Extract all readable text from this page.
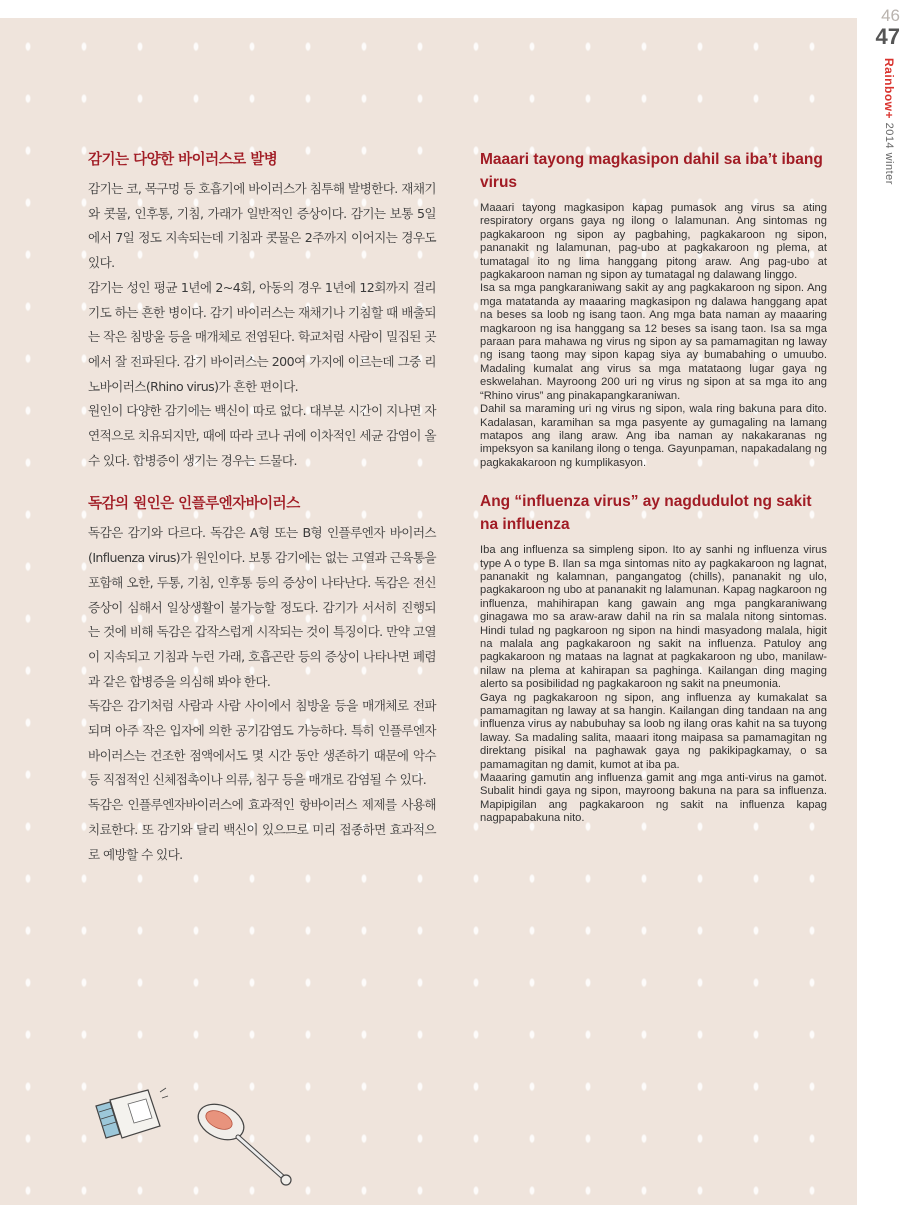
46
47
Rainbow+ 2014 winter
감기는 다양한 바이러스로 발병

감기는 코, 목구멍 등 호흡기에 바이러스가 침투해 발병한다. 재채기와 콧물, 인후통, 기침, 가래가 일반적인 증상이다. 감기는 보통 5일에서 7일 정도 지속되는데 기침과 콧물은 2주까지 이어지는 경우도 있다.

감기는 성인 평균 1년에 2~4회, 아동의 경우 1년에 12회까지 걸리기도 하는 흔한 병이다. 감기 바이러스는 재채기나 기침할 때 배출되는 작은 침방울 등을 매개체로 전염된다. 학교처럼 사람이 밀집된 곳에서 잘 전파된다. 감기 바이러스는 200여 가지에 이르는데 그중 리노바이러스(Rhino virus)가 흔한 편이다.

원인이 다양한 감기에는 백신이 따로 없다. 대부분 시간이 지나면 자연적으로 치유되지만, 때에 따라 코나 귀에 이차적인 세균 감염이 올 수 있다. 합병증이 생기는 경우는 드물다.

독감의 원인은 인플루엔자바이러스

독감은 감기와 다르다. 독감은 A형 또는 B형 인플루엔자 바이러스(Influenza virus)가 원인이다. 보통 감기에는 없는 고열과 근육통을 포함해 오한, 두통, 기침, 인후통 등의 증상이 나타난다. 독감은 전신증상이 심해서 일상생활이 불가능할 정도다. 감기가 서서히 진행되는 것에 비해 독감은 갑작스럽게 시작되는 것이 특징이다. 만약 고열이 지속되고 기침과 누런 가래, 호흡곤란 등의 증상이 나타나면 폐렴과 같은 합병증을 의심해 봐야 한다.

독감은 감기처럼 사람과 사람 사이에서 침방울 등을 매개체로 전파되며 아주 작은 입자에 의한 공기감염도 가능하다. 특히 인플루엔자바이러스는 건조한 점액에서도 몇 시간 동안 생존하기 때문에 악수 등 직접적인 신체접촉이나 의류, 침구 등을 매개로 감염될 수 있다.

독감은 인플루엔자바이러스에 효과적인 항바이러스 제제를 사용해 치료한다. 또 감기와 달리 백신이 있으므로 미리 접종하면 효과적으로 예방할 수 있다.

Maaari tayong magkasipon dahil sa iba’t ibang virus

Maaari tayong magkasipon kapag pumasok ang virus sa ating respiratory organs gaya ng ilong o lalamunan. Ang sintomas ng pagkakaroon ng sipon ay pagbahing, pagkakaroon ng sipon, pananakit ng lalamunan, pag-ubo at pagkakaroon ng plema, at tumatagal ito ng lima hanggang pitong araw. Ang pag-ubo at pagkakaroon naman ng sipon ay tumatagal ng dalawang linggo.

Isa sa mga pangkaraniwang sakit ay ang pagkakaroon ng sipon. Ang mga matatanda ay maaaring magkasipon ng dalawa hanggang apat na beses sa loob ng isang taon. Ang mga bata naman ay maaaring magkaroon ng isa hanggang sa 12 beses sa isang taon. Isa sa mga paraan para mahawa ng virus ng sipon ay sa pamamagitan ng laway ng isang taong may sipon kapag siya ay bumabahing o umuubo. Madaling kumalat ang virus sa mga matataong lugar gaya ng eskwelahan. Mayroong 200 uri ng virus ng sipon at sa mga ito ang “Rhino virus” ang pinakapangkaraniwan.

Dahil sa maraming uri ng virus ng sipon, wala ring bakuna para dito. Kadalasan, karamihan sa mga pasyente ay gumagaling na lamang matapos ang ilang araw. Ang iba naman ay nakakaranas ng impeksyon sa kanilang ilong o tenga. Gayunpaman, napakadalang ng pagkakakaroon ng kumplikasyon.

Ang “influenza virus” ay nagdudulot ng sakit na influenza

Iba ang influenza sa simpleng sipon. Ito ay sanhi ng influenza virus type A o type B. Ilan sa mga sintomas nito ay pagkakaroon ng lagnat, pananakit ng kalamnan, pangangatog (chills), pananakit ng ulo, pagkakaroon ng ubo at pananakit ng lalamunan. Kapag nagkaroon ng influenza, mahihirapan kang gawain ang mga pangkaraniwang ginagawa mo sa araw-araw dahil na rin sa malala nitong sintomas. Hindi tulad ng pagkaroon ng sipon na hindi masyadong malala, higit na malala ang pagkakaroon ng sakit na influenza. Patuloy ang pagkakaroon ng mataas na lagnat at pagkakaroon ng ubo, manilaw-nilaw na plema at kahirapan sa paghinga. Kailangan ding maging alerto sa posibilidad ng pagkakaroon ng sakit na pneumonia.

Gaya ng pagkakaroon ng sipon, ang influenza ay kumakalat sa pamamagitan ng laway at sa hangin. Kailangan ding tandaan na ang influenza virus ay nabubuhay sa loob ng ilang oras kahit na sa tuyong laway. Sa madaling salita, maaari itong maipasa sa pamamagitan ng direktang pisikal na paghawak gaya ng pakikipagkamay, o sa pamamagitan ng damit, kumot at iba pa.

Maaaring gamutin ang influenza gamit ang mga anti-virus na gamot. Subalit hindi gaya ng sipon, mayroong bakuna na para sa influenza. Mapipigilan ang pagkakaroon ng sakit na influenza kapag nagpapabakuna nito.
